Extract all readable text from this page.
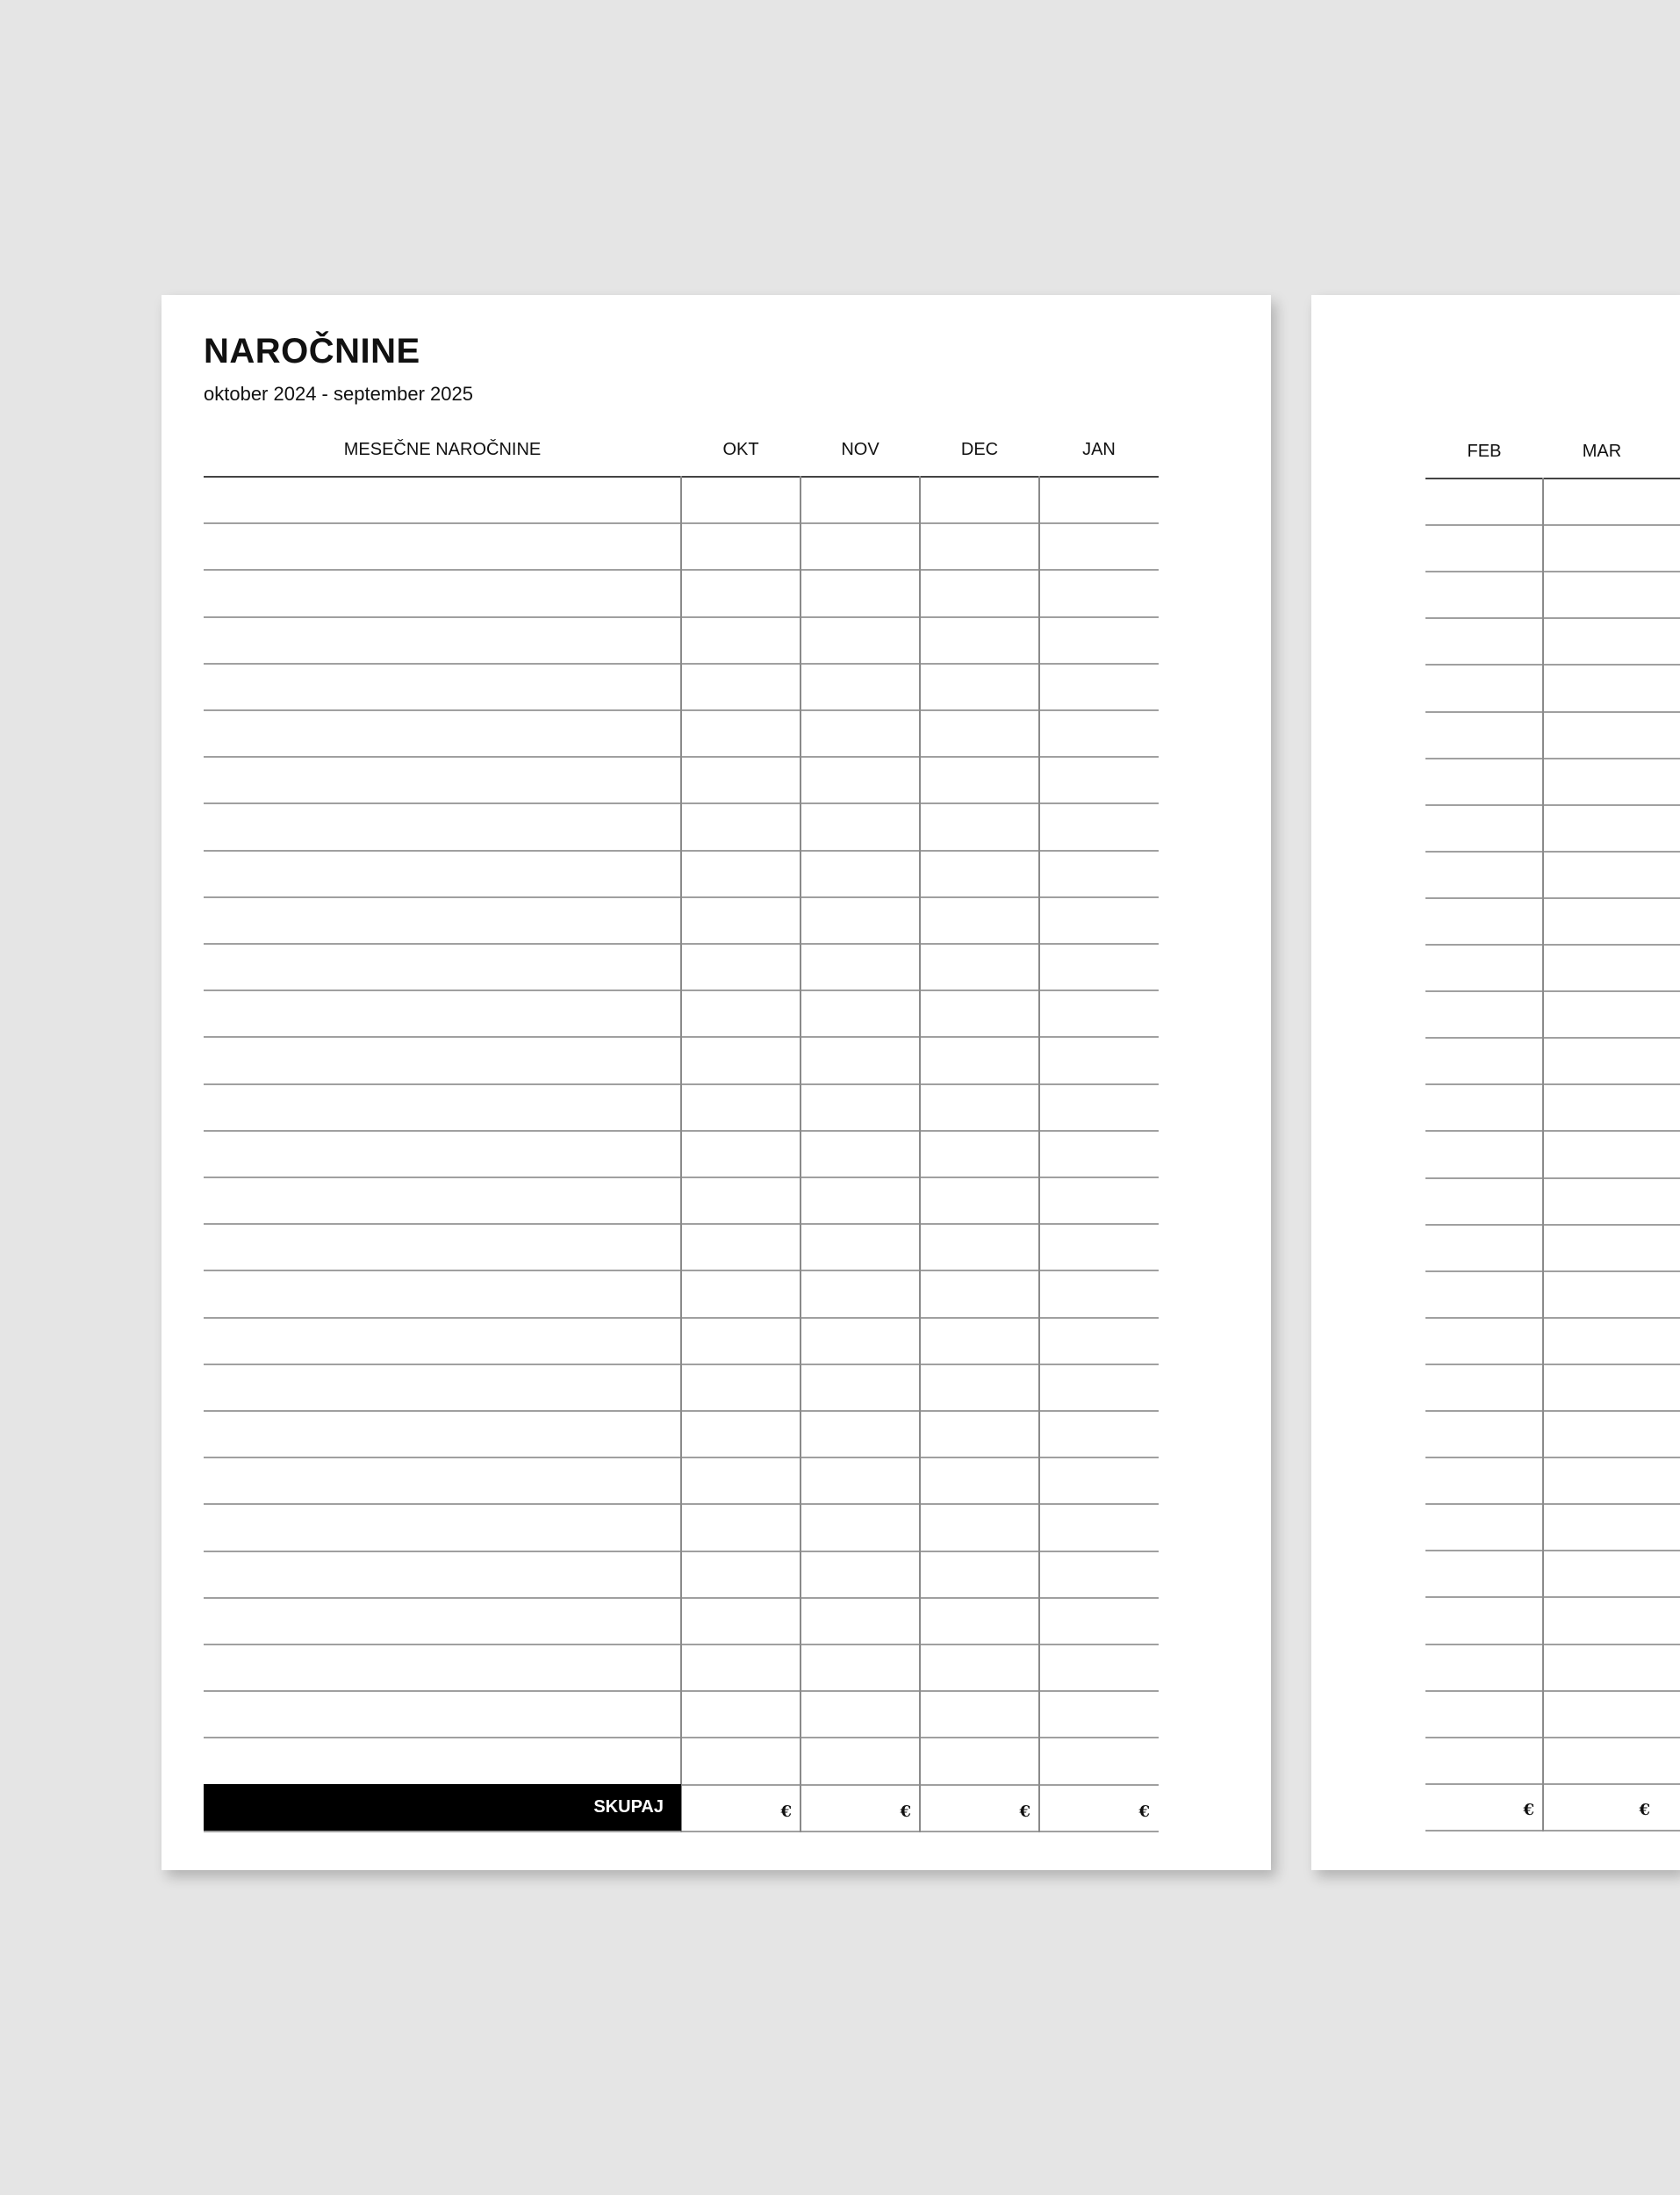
NAROČNINE
oktober 2024 - september 2025
MESEČNE NAROČNINE	OKT	NOV	DEC	JAN
SKUPAJ	€	€	€	€
FEB	MAR
€	€
